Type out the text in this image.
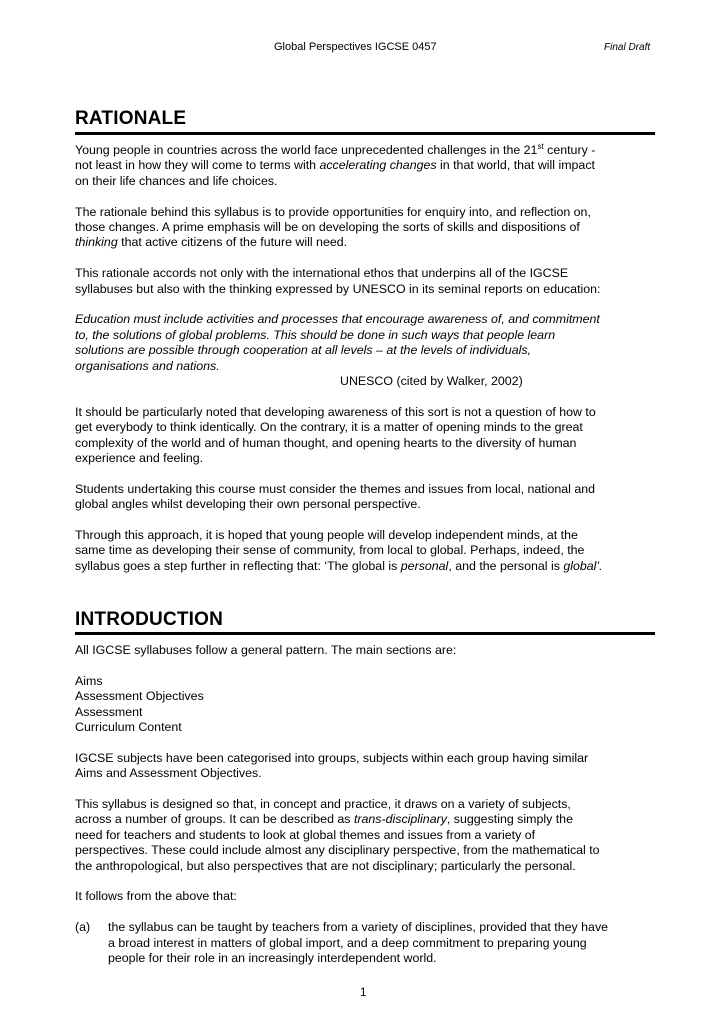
Global Perspectives IGCSE 0457	Final Draft
RATIONALE
Young people in countries across the world face unprecedented challenges in the 21st century -
not least in how they will come to terms with accelerating changes in that world, that will impact
on their life chances and life choices.
The rationale behind this syllabus is to provide opportunities for enquiry into, and reflection on,
those changes. A prime emphasis will be on developing the sorts of skills and dispositions of
thinking that active citizens of the future will need.
This rationale accords not only with the international ethos that underpins all of the IGCSE
syllabuses but also with the thinking expressed by UNESCO in its seminal reports on education:
Education must include activities and processes that encourage awareness of, and commitment
to, the solutions of global problems. This should be done in such ways that people learn
solutions are possible through cooperation at all levels – at the levels of individuals,
organisations and nations.
UNESCO (cited by Walker, 2002)
It should be particularly noted that developing awareness of this sort is not a question of how to
get everybody to think identically. On the contrary, it is a matter of opening minds to the great
complexity of the world and of human thought, and opening hearts to the diversity of human
experience and feeling.
Students undertaking this course must consider the themes and issues from local, national and
global angles whilst developing their own personal perspective.
Through this approach, it is hoped that young people will develop independent minds, at the
same time as developing their sense of community, from local to global. Perhaps, indeed, the
syllabus goes a step further in reflecting that: ‘The global is personal, and the personal is global’.
INTRODUCTION
All IGCSE syllabuses follow a general pattern. The main sections are:
Aims
Assessment Objectives
Assessment
Curriculum Content
IGCSE subjects have been categorised into groups, subjects within each group having similar
Aims and Assessment Objectives.
This syllabus is designed so that, in concept and practice, it draws on a variety of subjects,
across a number of groups. It can be described as trans-disciplinary, suggesting simply the
need for teachers and students to look at global themes and issues from a variety of
perspectives. These could include almost any disciplinary perspective, from the mathematical to
the anthropological, but also perspectives that are not disciplinary; particularly the personal.
It follows from the above that:
(a) the syllabus can be taught by teachers from a variety of disciplines, provided that they have
a broad interest in matters of global import, and a deep commitment to preparing young
people for their role in an increasingly interdependent world.
1
